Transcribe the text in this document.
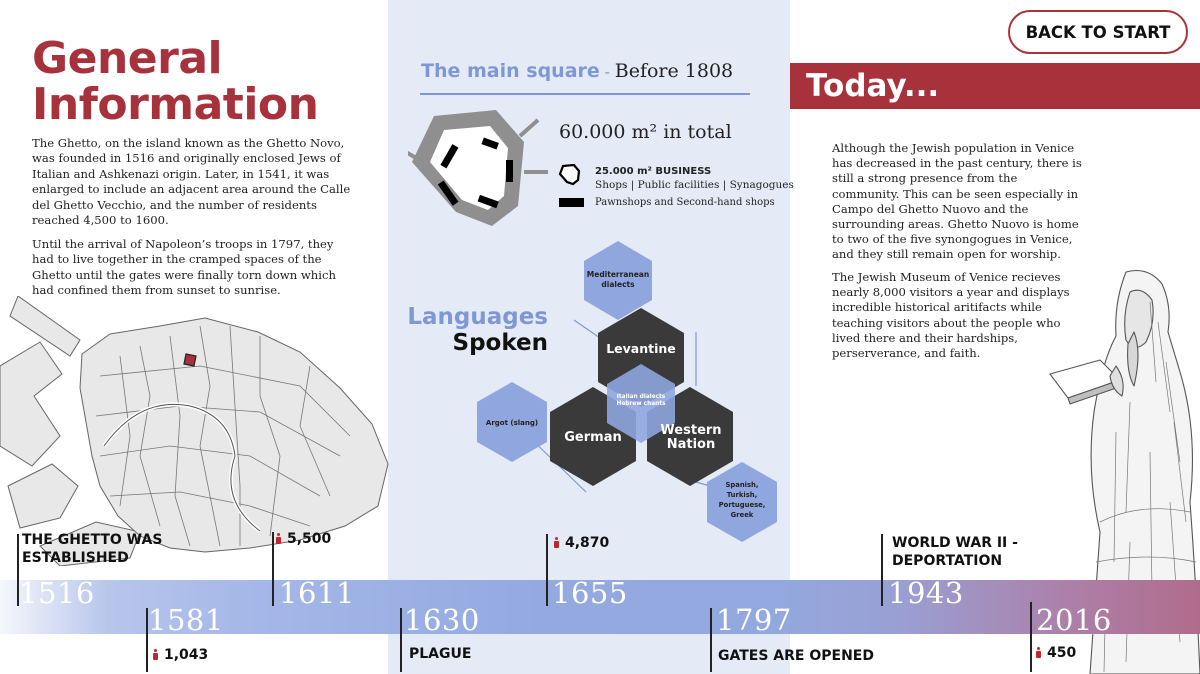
General
Information

The Ghetto, on the island known as the Ghetto Novo, was founded in 1516 and originally enclosed Jews of Italian and Ashkenazi origin. Later, in 1541, it was enlarged to include an adjacent area around the Calle del Ghetto Vecchio, and the number of residents reached 4,500 to 1600.

Until the arrival of Napoleon’s troops in 1797, they had to live together in the cramped spaces of the Ghetto until the gates were finally torn down which had confined them from sunset to sunrise.

The main square - Before 1808
60.000 m² in total
25.000 m² BUSINESS
Shops | Public facilities | Synagogues
Pawnshops and Second-hand shops
Languages
Spoken
Mediterranean dialects
Levantine
German	Western Nation
Italian dialects Hebrew chants
Argot (slang)
Spanish, Turkish, Portuguese, Greek
Today...
BACK TO START

Although the Jewish population in Venice has decreased in the past century, there is still a strong presence from the community. This can be seen especially in Campo del Ghetto Nuovo and the surrounding areas. Ghetto Nuovo is home to two of the five synongogues in Venice, and they still remain open for worship.

The Jewish Museum of Venice recieves nearly 8,000 visitors a year and displays incredible historical aritifacts while teaching visitors about the people who lived there and their hardships, perserverance, and faith.

1516
1581
1611
1630
1655
1797
1943
2016
THE GHETTO WAS
ESTABLISHED
PLAGUE	GATES ARE OPENED
WORLD WAR II -
DEPORTATION
1,043
5,500	4,870
450
